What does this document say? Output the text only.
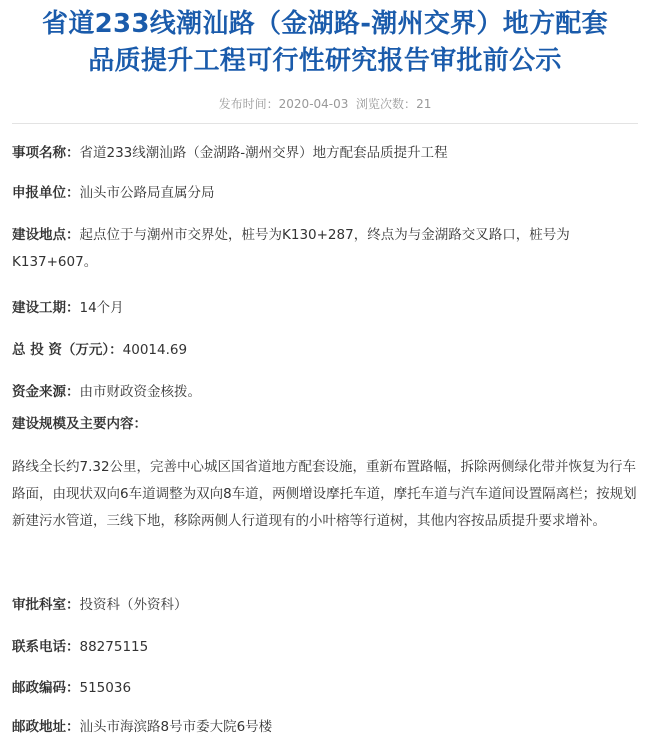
省道233线潮汕路（金湖路-潮州交界）地方配套
品质提升工程可行性研究报告审批前公示
发布时间：2020-04-03 浏览次数：21
事项名称：省道233线潮汕路（金湖路-潮州交界）地方配套品质提升工程
申报单位：汕头市公路局直属分局
建设地点：起点位于与潮州市交界处，桩号为K130+287，终点为与金湖路交叉路口，桩号为K137+607。
建设工期：14个月
总 投 资（万元）：40014.69
资金来源：由市财政资金核拨。
建设规模及主要内容：
路线全长约7.32公里，完善中心城区国省道地方配套设施，重新布置路幅，拆除两侧绿化带并恢复为行车路面，由现状双向6车道调整为双向8车道，两侧增设摩托车道，摩托车道与汽车道间设置隔离栏；按规划新建污水管道，三线下地，移除两侧人行道现有的小叶榕等行道树，其他内容按品质提升要求增补。
审批科室：投资科（外资科）
联系电话：88275115
邮政编码：515036
邮政地址：汕头市海滨路8号市委大院6号楼
